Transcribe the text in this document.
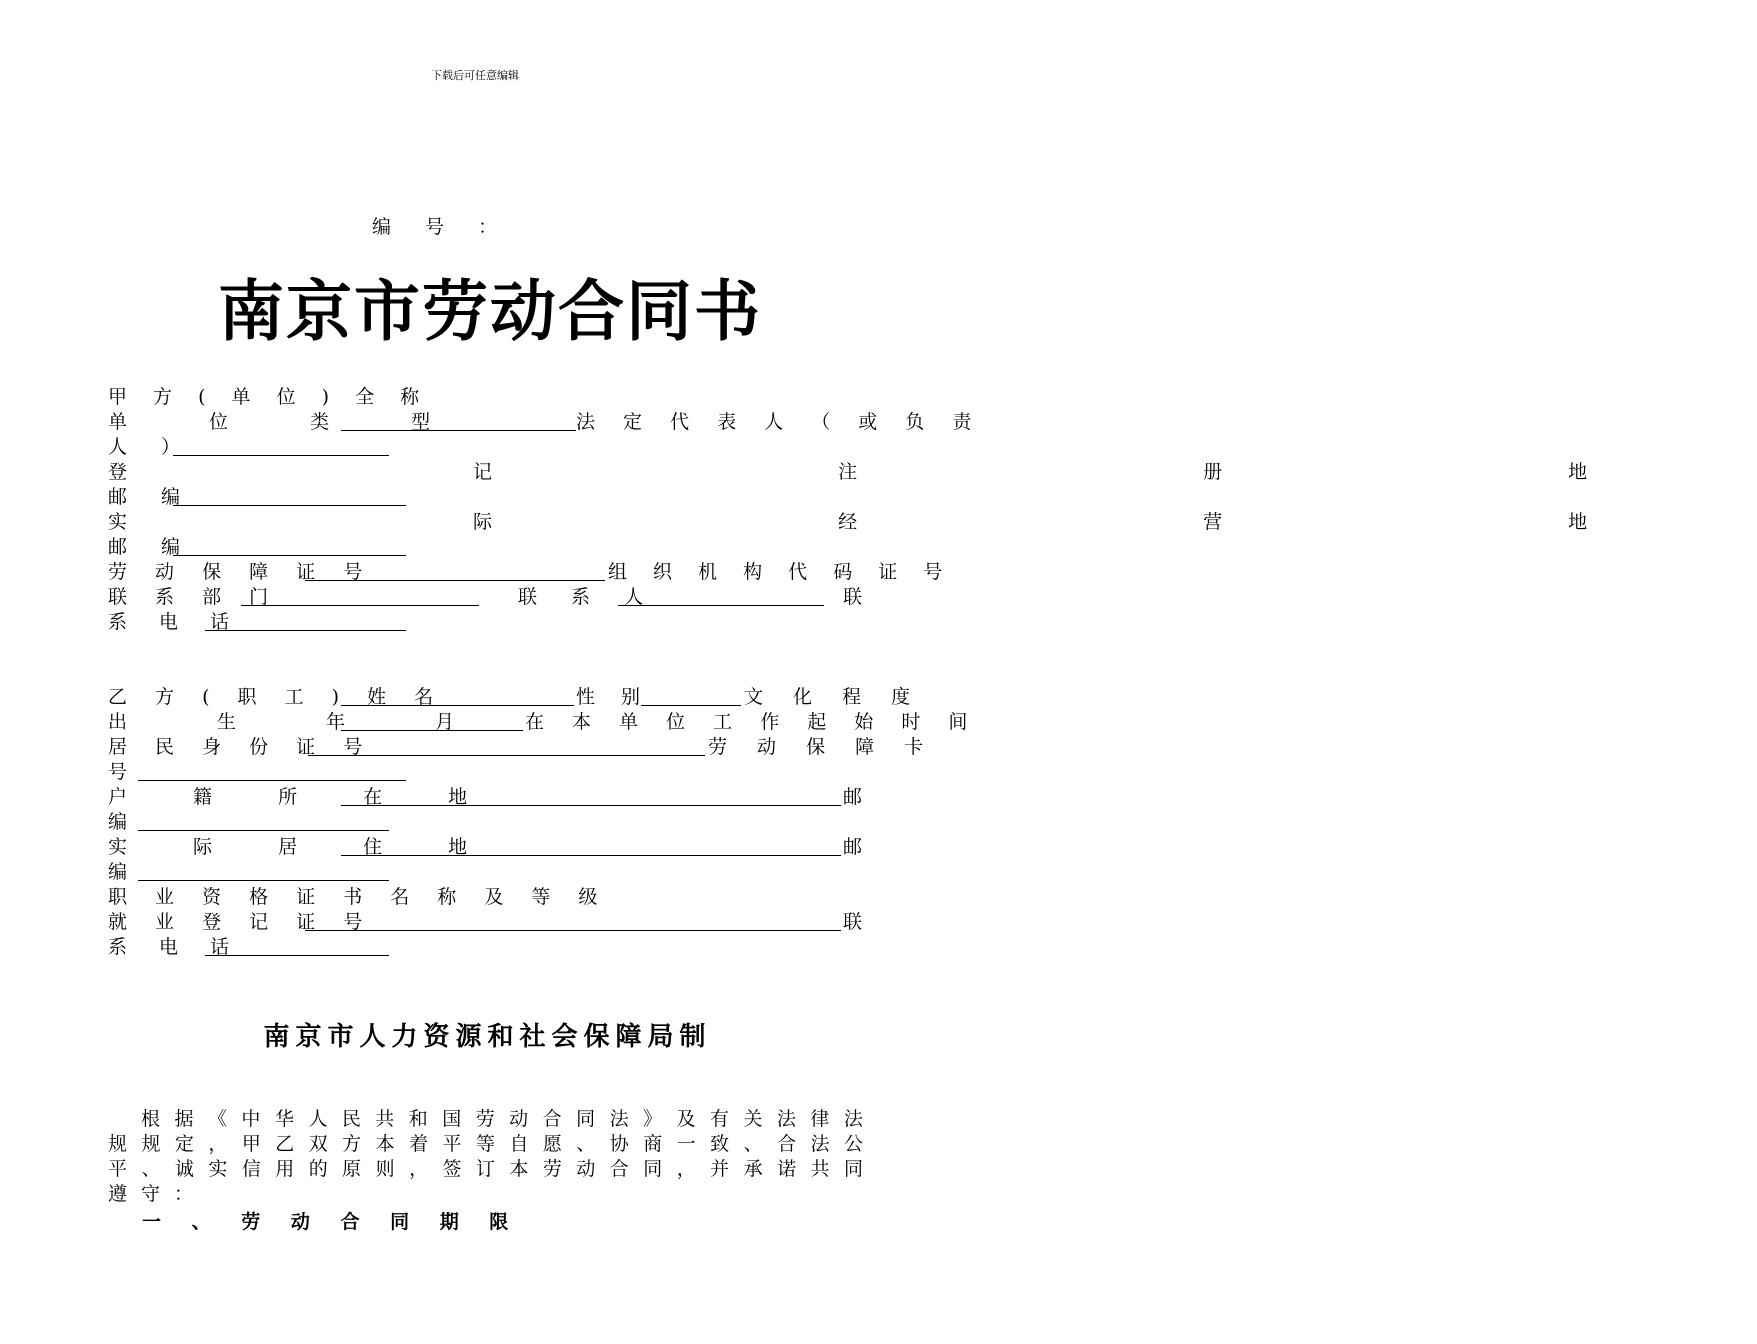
下载后可任意编辑
编 号 ：
南京市劳动合同书
甲 方 ( 单 位 ) 全 称
单 位 类 型	法 定 代 表 人 （ 或 负 责
人 ）
登 记 注 册 地
邮 编
实 际 经 营 地
邮 编
劳 动 保 障 证 号	组 织 机 构 代 码 证 号
联 系 部 门	联 系 人	联
系 电 话
乙 方 ( 职 工 ) 姓 名	性 别	文 化 程 度
出 生 年 月 在 本 单 位 工 作 起 始 时 间
居 民 身 份 证 号	劳 动 保 障 卡
号
户 籍 所 在 地	邮
编
实 际 居 住 地	邮
编
职 业 资 格 证 书 名 称 及 等 级
就 业 登 记 证 号	联
系 电 话
南京市人力资源和社会保障局制
根 据 《 中 华 人 民 共 和 国 劳 动 合 同 法 》 及 有 关 法 律 法
规 规 定 ， 甲 乙 双 方 本 着 平 等 自 愿 、 协 商 一 致 、 合 法 公
平 、 诚 实 信 用 的 原 则 ， 签 订 本 劳 动 合 同 ， 并 承 诺 共 同
遵守：
一 、 劳 动 合 同 期 限
